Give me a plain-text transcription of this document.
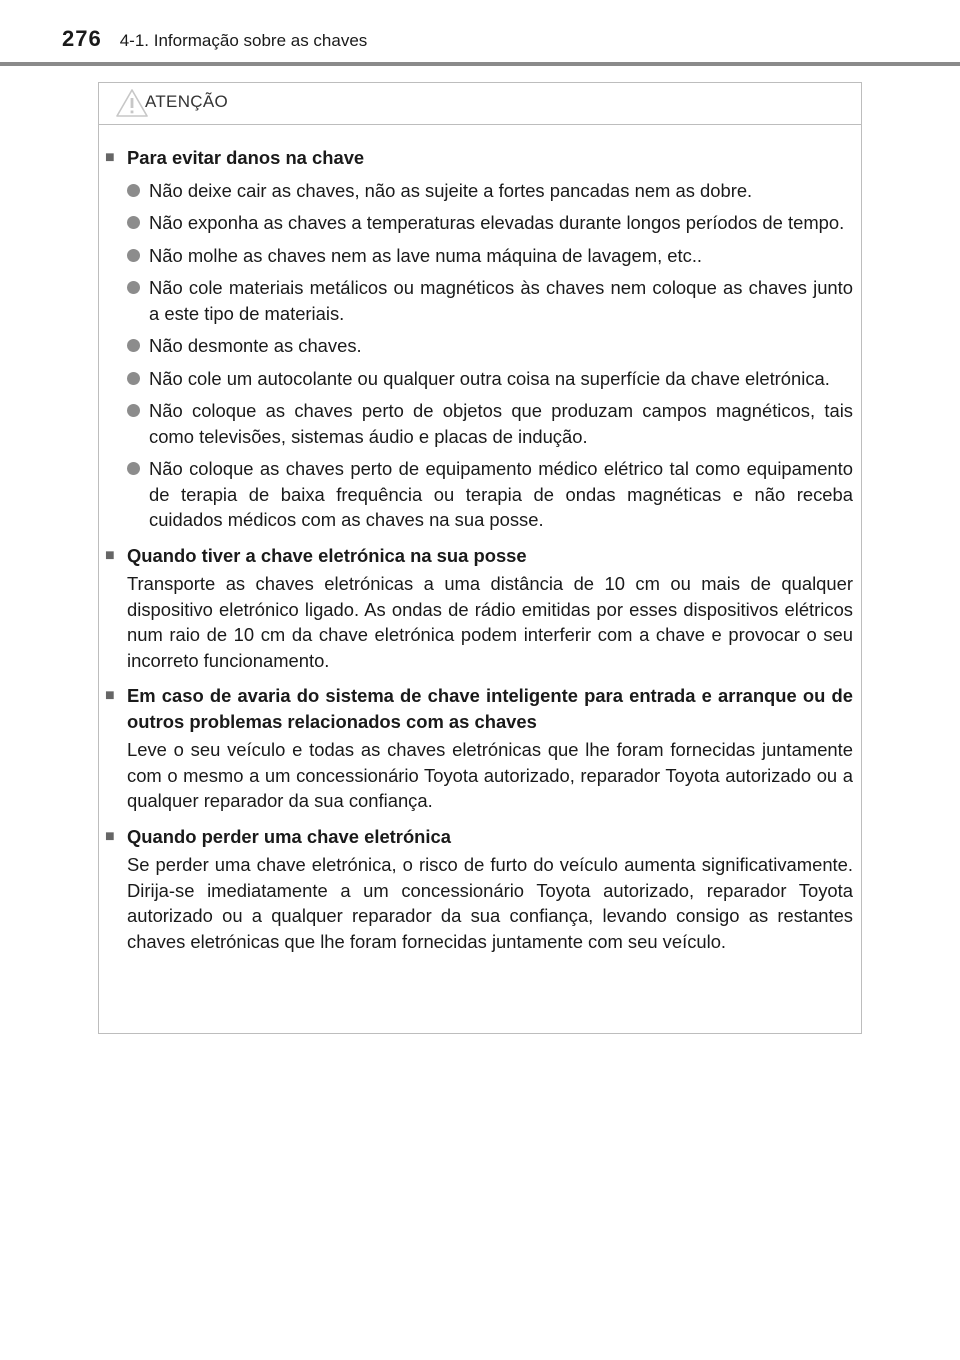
276 4-1. Informação sobre as chaves
ATENÇÃO
■ Para evitar danos na chave
Não deixe cair as chaves, não as sujeite a fortes pancadas nem as dobre.
Não exponha as chaves a temperaturas elevadas durante longos períodos de tempo.
Não molhe as chaves nem as lave numa máquina de lavagem, etc..
Não cole materiais metálicos ou magnéticos às chaves nem coloque as chaves junto a este tipo de materiais.
Não desmonte as chaves.
Não cole um autocolante ou qualquer outra coisa na superfície da chave eletrónica.
Não coloque as chaves perto de objetos que produzam campos magnéticos, tais como televisões, sistemas áudio e placas de indução.
Não coloque as chaves perto de equipamento médico elétrico tal como equipamento de terapia de baixa frequência ou terapia de ondas magnéticas e não receba cuidados médicos com as chaves na sua posse.
■ Quando tiver a chave eletrónica na sua posse
Transporte as chaves eletrónicas a uma distância de 10 cm ou mais de qualquer dispositivo eletrónico ligado. As ondas de rádio emitidas por esses dispositivos elétricos num raio de 10 cm da chave eletrónica podem interferir com a chave e provocar o seu incorreto funcionamento.
■ Em caso de avaria do sistema de chave inteligente para entrada e arranque ou de outros problemas relacionados com as chaves
Leve o seu veículo e todas as chaves eletrónicas que lhe foram fornecidas juntamente com o mesmo a um concessionário Toyota autorizado, reparador Toyota autorizado ou a qualquer reparador da sua confiança.
■ Quando perder uma chave eletrónica
Se perder uma chave eletrónica, o risco de furto do veículo aumenta significativamente. Dirija-se imediatamente a um concessionário Toyota autorizado, reparador Toyota autorizado ou a qualquer reparador da sua confiança, levando consigo as restantes chaves eletrónicas que lhe foram fornecidas juntamente com seu veículo.
